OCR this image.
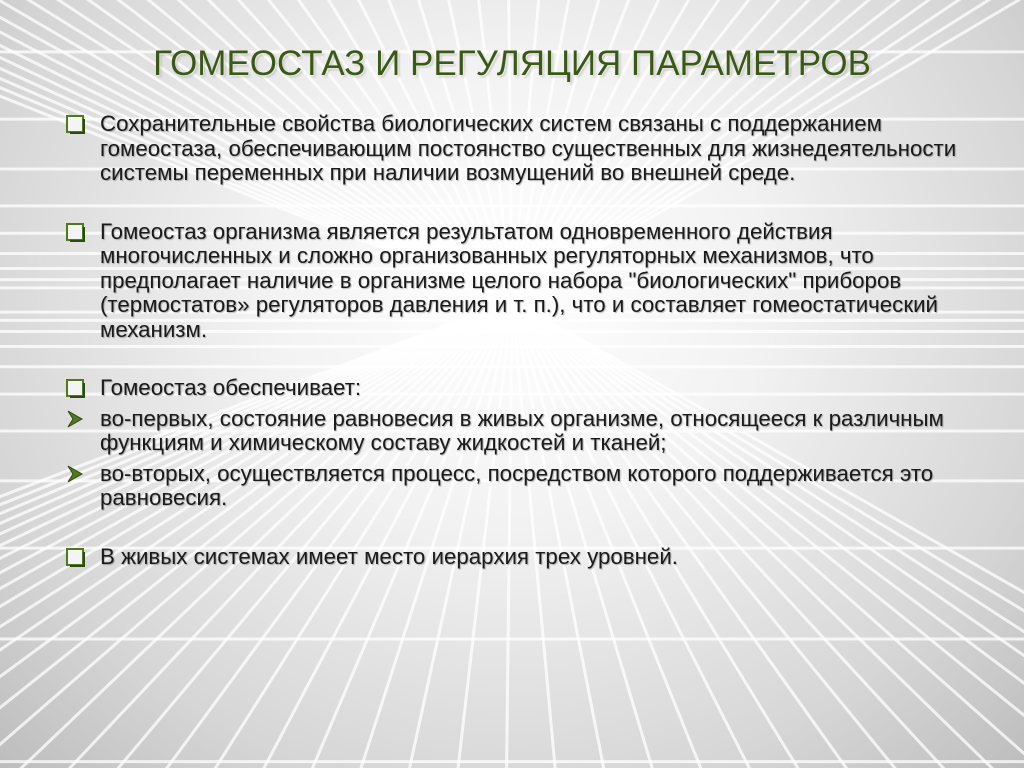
ГОМЕОСТАЗ И РЕГУЛЯЦИЯ ПАРАМЕТРОВ
Сохранительные свойства биологических систем связаны с поддержанием гомеостаза, обеспечивающим постоянство существенных для жизнедеятельности системы переменных при наличии возмущений во внешней среде.
Гомеостаз организма является результатом одновременного действия многочисленных и сложно организованных регуляторных механизмов, что предполагает наличие в организме целого набора "биологических" приборов (термостатов» регуляторов давления и т. п.), что и составляет гомеостатический механизм.
Гомеостаз обеспечивает:
во-первых, состояние равновесия в живых организме, относящееся к различным функциям и химическому составу жидкостей и тканей;
во-вторых, осуществляется процесс, посредством которого поддерживается это равновесия.
В живых системах имеет место иерархия трех уровней.
